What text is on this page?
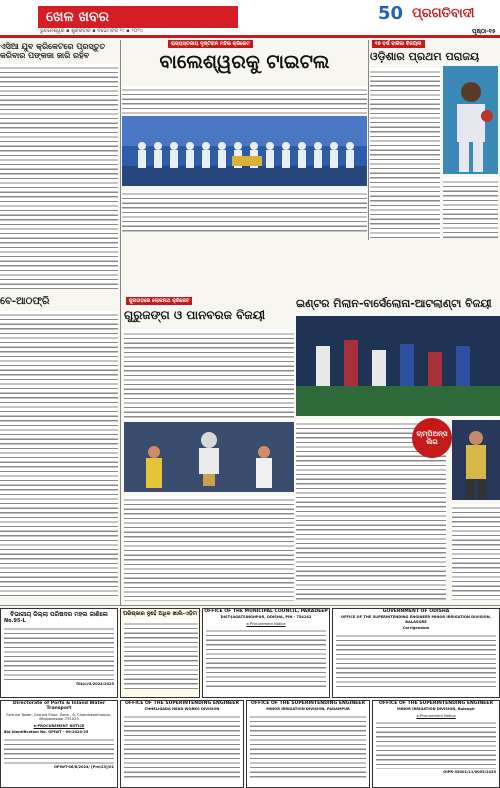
ଖେଳ ଖବର	50 ପ୍ରଗତିବାଦୀ
ଭୁବନେଶ୍ୱର ▪ ଶୁକ୍ରବାର ▪ ନଭେମ୍ବର ୨୯ ▪ ୨୦୨୪	ପୃଷ୍ଠା-୧୫
ଏସିଆ ଯୁବ କ୍ରିକେଟରେ ପ୍ରସ୍ତୁତ କରିବାର ପଙ୍କଜା ଜାରି ରହିବ
ରାଜ୍ୟସ୍ତରୀୟ ଦୃଷ୍ଟିହୀନ ମହିଳା କ୍ରିକେଟ
ବାଲେଶ୍ୱରକୁ ଟାଇଟଲ
୧୭ ବର୍ଷ ବାଳିକା ବିଜୟିନୀ
ଓଡ଼ିଶାର ପ୍ରଥମ ପରାଜୟ
ବେ-ଆଠଫ୍ରି	ଜୁନାଗଡ଼ରେ ଲୋକନାଥ କ୍ରିକେଟ
ଗୁରୁଜଙ୍ଗ ଓ ପାନବରଜ ବିଜୟୀ
ଇଣ୍ଟର ମିଲାନ-ବାର୍ସେଲୋନା-ଆଟଲାଣ୍ଟା ବିଜୟୀ
ଚାମ୍ପିଅନ୍ସ ଲିଗ
ବିଭାଗୀୟ ଜିଲ୍ଲା ପରିଷଦର ମହଲ ଜାଣିଲେ
No.95-L
ପିଆରଓ/5/2024/2025
Directorate of Ports & Inland Water Transport
Fortune Tower, Ground Floor, Zone - A, Chandrasekharpur, Bhubaneswar-751023
e-PROCUREMENT NOTICE
Bid Identification No. OPIWT - 09/2024-25
OPIWT-06/8/2024/ [Prd/23]/01
ପରିଷ୍କାର ନୁହେଁ ଅଧିକ ଖାଲି-ଏଡ଼ିମ	OFFICE OF THE MUNICIPAL COUNCIL, PARADEEP
DIST-JAGATSINGHPUR, ODISHA, PIN - 754142
e-Procurement Notice
GOVERNMENT OF ODISHA
OFFICE OF THE SUPERINTENDING ENGINEER MINOR IRRIGATION DIVISION, BALASORE
Corrigendum
OFFICE OF THE SUPERINTENDING ENGINEER
CHHELIGADA HEAD WORKS DIVISION
OFFICE OF THE SUPERINTENDING ENGINEER
MINOR IRRIGATION DIVISION, PADAMPUR
OFFICE OF THE SUPERINTENDING ENGINEER
MINOR IRRIGATION DIVISION, Balangir
e-Procurement Notice
OIPR-33001/11/0005/2425
